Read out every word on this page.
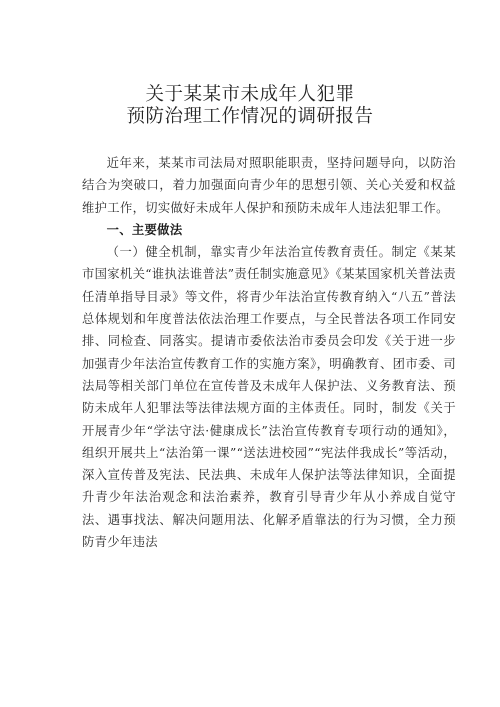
关于某某市未成年人犯罪
预防治理工作情况的调研报告

近年来，某某市司法局对照职能职责，坚持问题导向，以防治结合为突破口，着力加强面向青少年的思想引领、关心关爱和权益维护工作，切实做好未成年人保护和预防未成年人违法犯罪工作。

一、主要做法

（一）健全机制，靠实青少年法治宣传教育责任。制定《某某市国家机关“谁执法谁普法”责任制实施意见》《某某国家机关普法责任清单指导目录》等文件，将青少年法治宣传教育纳入“八五”普法总体规划和年度普法依法治理工作要点，与全民普法各项工作同安排、同检查、同落实。提请市委依法治市委员会印发《关于进一步加强青少年法治宣传教育工作的实施方案》，明确教育、团市委、司法局等相关部门单位在宣传普及未成年人保护法、义务教育法、预防未成年人犯罪法等法律法规方面的主体责任。同时，制发《关于开展青少年“学法守法·健康成长”法治宣传教育专项行动的通知》，组织开展共上“法治第一课”“送法进校园”“宪法伴我成长”等活动，深入宣传普及宪法、民法典、未成年人保护法等法律知识，全面提升青少年法治观念和法治素养，教育引导青少年从小养成自觉守法、遇事找法、解决问题用法、化解矛盾靠法的行为习惯，全力预防青少年违法
